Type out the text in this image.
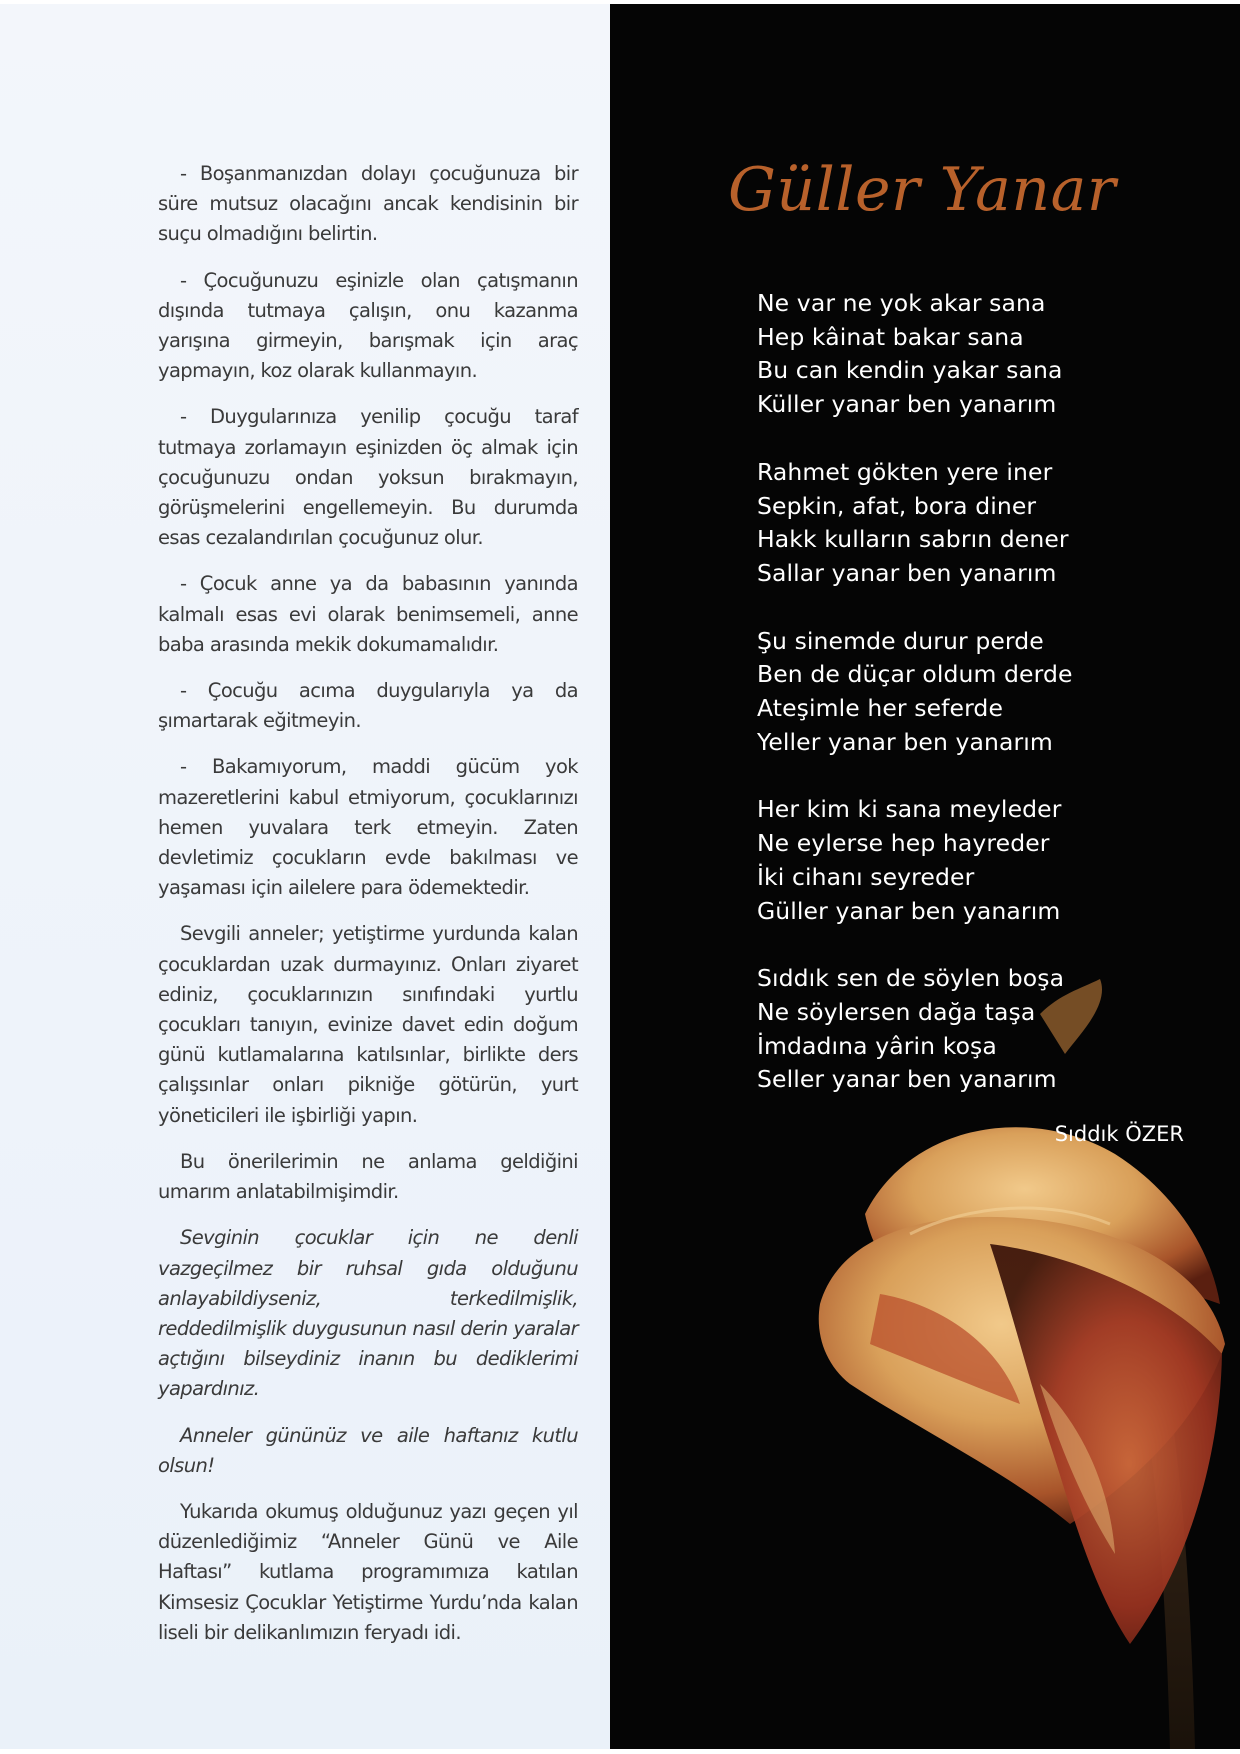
- Boşanmanızdan dolayı çocuğunuza bir süre mutsuz olacağını ancak kendisinin bir suçu olmadığını belirtin.

- Çocuğunuzu eşinizle olan çatışmanın dışında tutmaya çalışın, onu kazanma yarışına girmeyin, barışmak için araç yapmayın, koz olarak kullanmayın.

- Duygularınıza yenilip çocuğu taraf tutmaya zorlamayın eşinizden öç almak için çocuğunuzu ondan yoksun bırakmayın, görüşmelerini engellemeyin. Bu durumda esas cezalandırılan çocuğunuz olur.

- Çocuk anne ya da babasının yanında kalmalı esas evi olarak benimsemeli, anne baba arasında mekik dokumamalıdır.

- Çocuğu acıma duygularıyla ya da şımartarak eğitmeyin.

- Bakamıyorum, maddi gücüm yok mazeretlerini kabul etmiyorum, çocuklarınızı hemen yuvalara terk etmeyin. Zaten devletimiz çocukların evde bakılması ve yaşaması için ailelere para ödemektedir.

Sevgili anneler; yetiştirme yurdunda kalan çocuklardan uzak durmayınız. Onları ziyaret ediniz, çocuklarınızın sınıfındaki yurtlu çocukları tanıyın, evinize davet edin doğum günü kutlamalarına katılsınlar, birlikte ders çalışsınlar onları pikniğe götürün, yurt yöneticileri ile işbirliği yapın.

Bu önerilerimin ne anlama geldiğini umarım anlatabilmişimdir.

Sevginin çocuklar için ne denli vazgeçilmez bir ruhsal gıda olduğunu anlayabildiyseniz, terkedilmişlik, reddedilmişlik duygusunun nasıl derin yaralar açtığını bilseydiniz inanın bu dediklerimi yapardınız.

Anneler gününüz ve aile haftanız kutlu olsun!

Yukarıda okumuş olduğunuz yazı geçen yıl düzenlediğimiz “Anneler Günü ve Aile Haftası” kutlama programımıza katılan Kimsesiz Çocuklar Yetiştirme Yurdu’nda kalan liseli bir delikanlımızın feryadı idi.

Güller Yanar
Ne var ne yok akar sana
Hep kâinat bakar sana
Bu can kendin yakar sana
Küller yanar ben yanarım
Rahmet gökten yere iner
Sepkin, afat, bora diner
Hakk kulların sabrın dener
Sallar yanar ben yanarım
Şu sinemde durur perde
Ben de düçar oldum derde
Ateşimle her seferde
Yeller yanar ben yanarım
Her kim ki sana meyleder
Ne eylerse hep hayreder
İki cihanı seyreder
Güller yanar ben yanarım
Sıddık sen de söylen boşa
Ne söylersen dağa taşa
İmdadına yârin koşa
Seller yanar ben yanarım
Sıddık ÖZER
